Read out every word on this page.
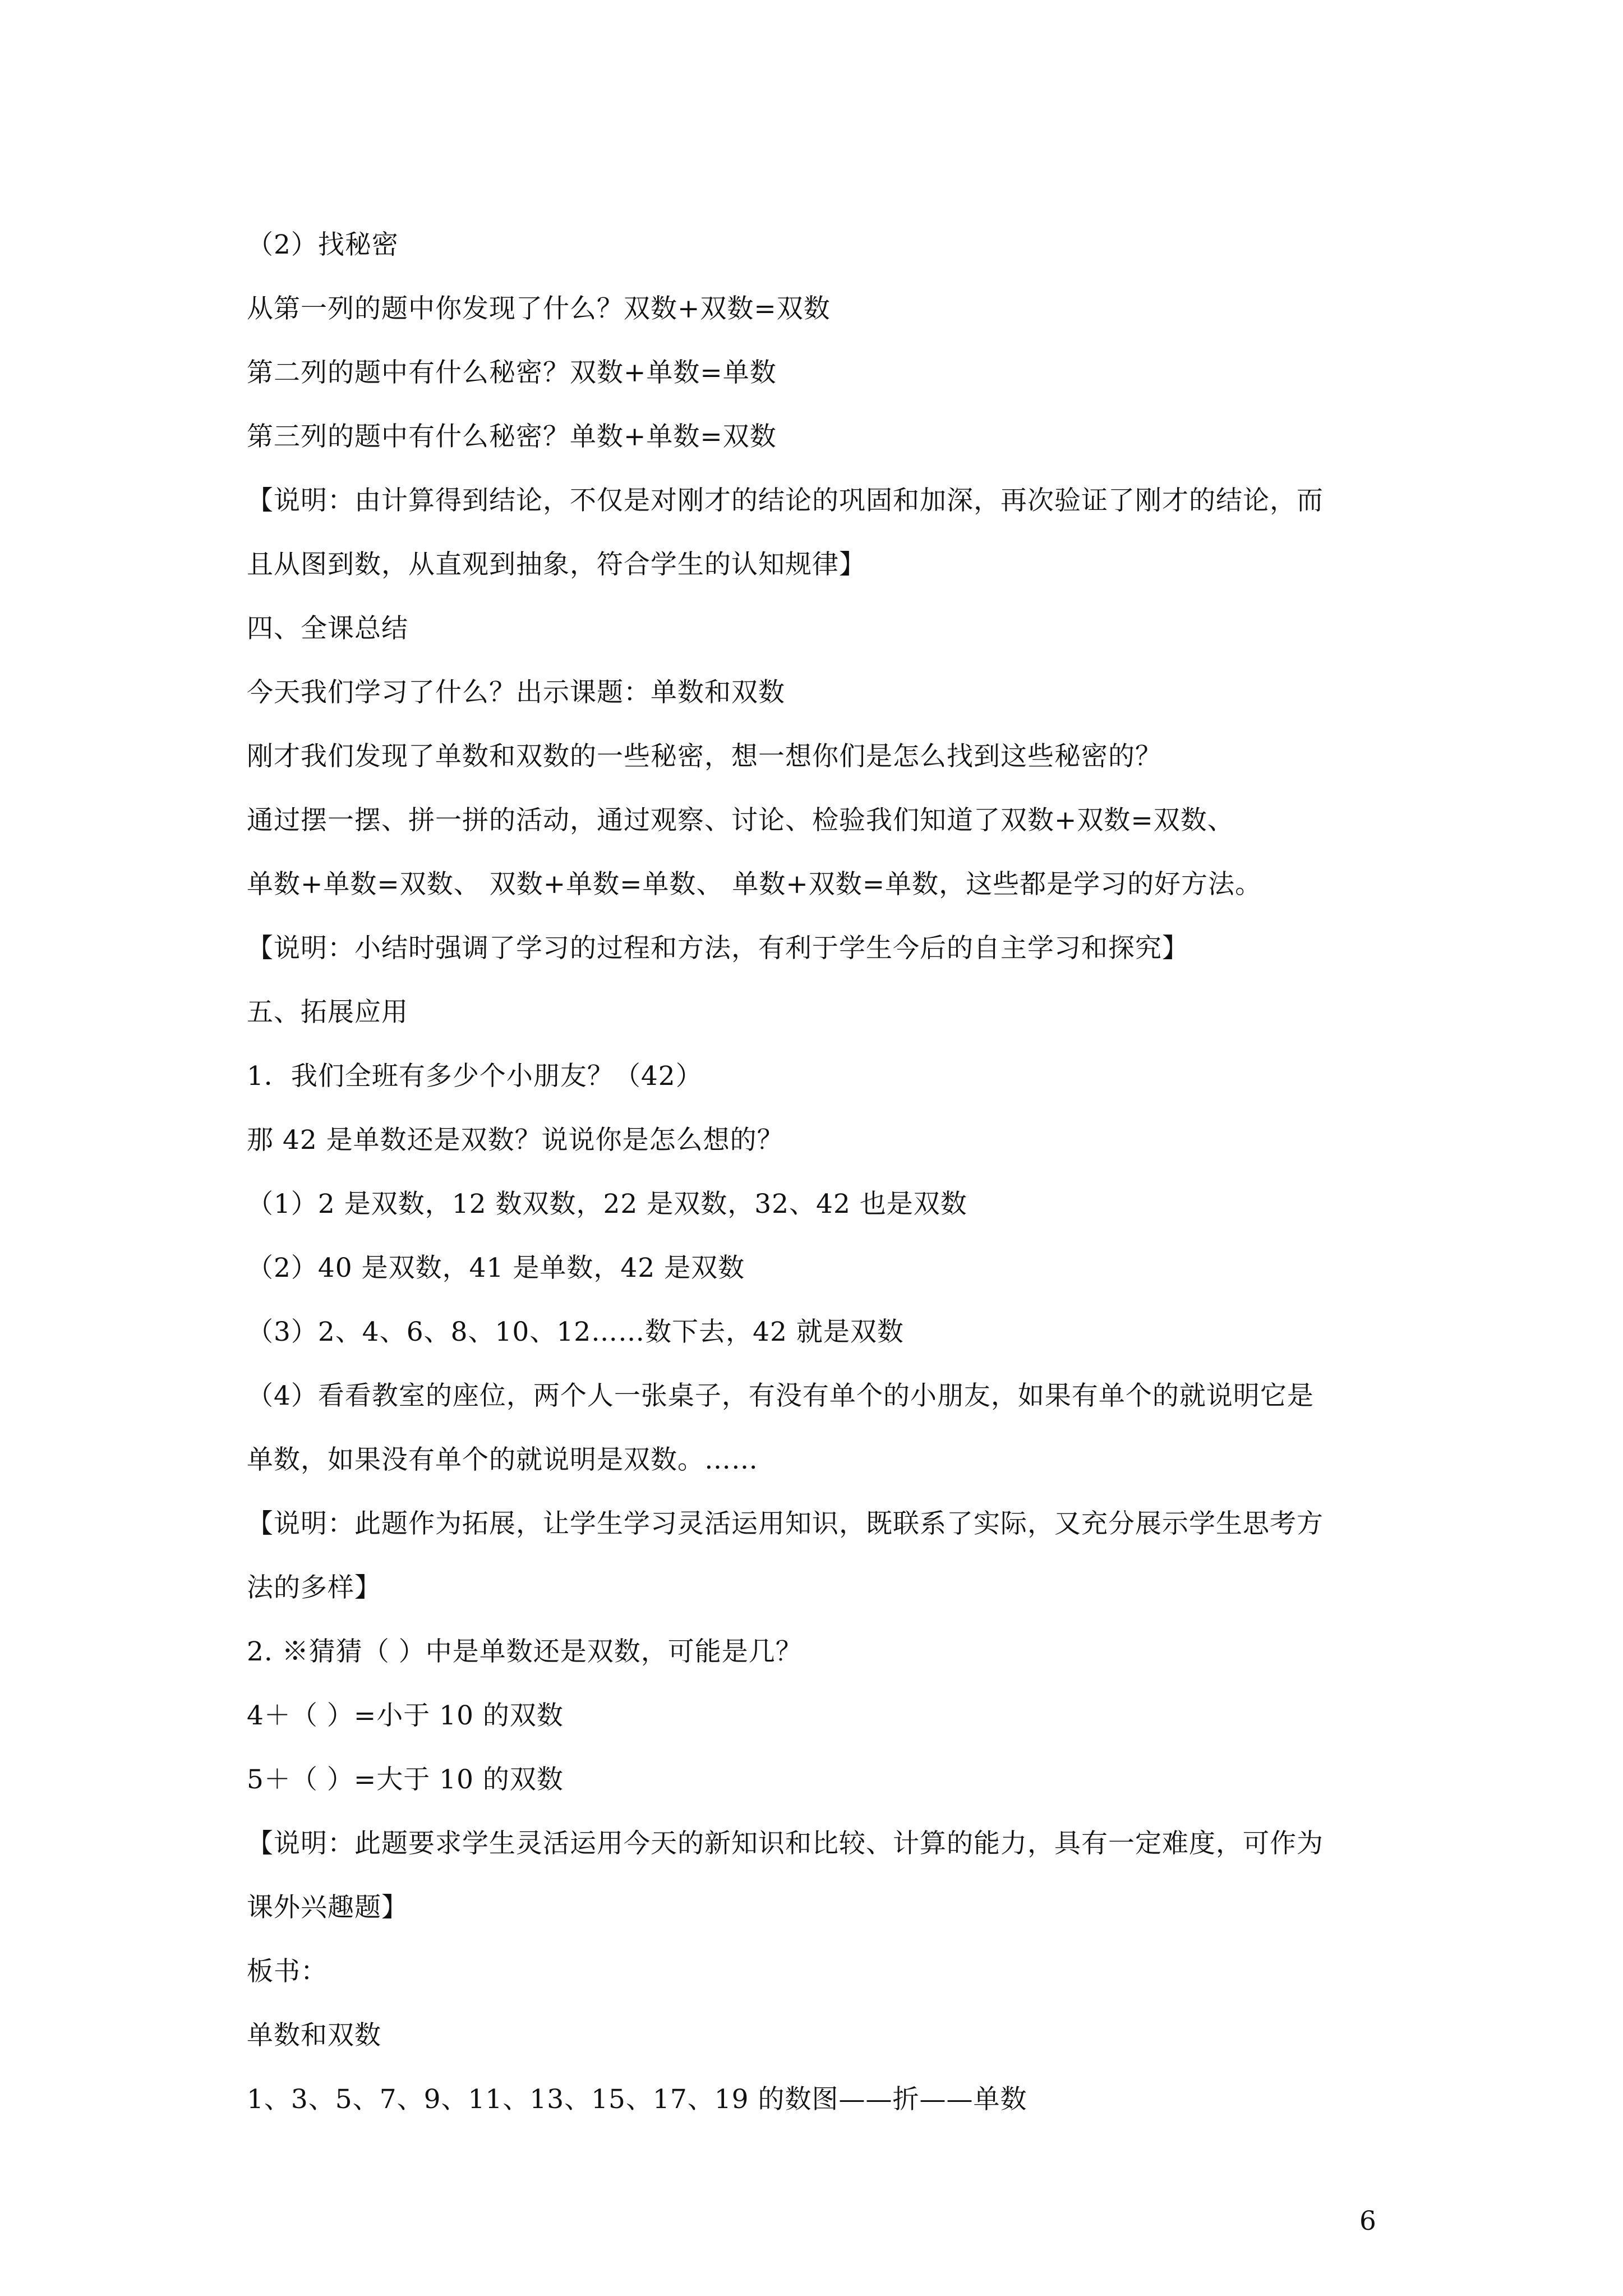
（2）找秘密
从第一列的题中你发现了什么？双数+双数=双数
第二列的题中有什么秘密？双数+单数=单数
第三列的题中有什么秘密？单数+单数=双数
【说明：由计算得到结论，不仅是对刚才的结论的巩固和加深，再次验证了刚才的结论，而
且从图到数，从直观到抽象，符合学生的认知规律】
四、全课总结
今天我们学习了什么？出示课题：单数和双数
刚才我们发现了单数和双数的一些秘密，想一想你们是怎么找到这些秘密的？
通过摆一摆、拼一拼的活动，通过观察、讨论、检验我们知道了双数+双数=双数、
单数+单数=双数、 双数+单数=单数、 单数+双数=单数，这些都是学习的好方法。
【说明：小结时强调了学习的过程和方法，有利于学生今后的自主学习和探究】
五、拓展应用
1．我们全班有多少个小朋友？（42）
那 42 是单数还是双数？说说你是怎么想的？
（1）2 是双数，12 数双数，22 是双数，32、42 也是双数
（2）40 是双数，41 是单数，42 是双数
（3）2、4、6、8、10、12……数下去，42 就是双数
（4）看看教室的座位，两个人一张桌子，有没有单个的小朋友，如果有单个的就说明它是
单数，如果没有单个的就说明是双数。……
【说明：此题作为拓展，让学生学习灵活运用知识，既联系了实际，又充分展示学生思考方
法的多样】
2. ※猜猜（ ）中是单数还是双数，可能是几？
4＋（ ）=小于 10 的双数
5＋（ ）=大于 10 的双数
【说明：此题要求学生灵活运用今天的新知识和比较、计算的能力，具有一定难度，可作为
课外兴趣题】
板书：
单数和双数
1、3、5、7、9、11、13、15、17、19 的数图——折——单数
6
